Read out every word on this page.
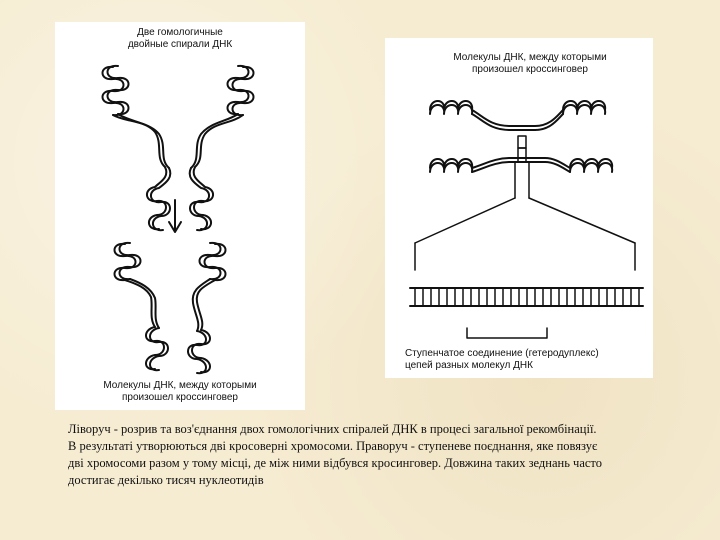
Две гомологичные
двойные спирали ДНК
Молекулы ДНК, между которыми
произошел кроссинговер
Молекулы ДНК, между которыми
произошел кроссинговер
Ступенчатое соединение (гетеродуплекс)
цепей разных молекул ДНК
Ліворуч - розрив та воз'єднання двох гомологічних спіралей ДНК в процесі загальної рекомбінації.
В результаті утворюються дві кросоверні хромосоми. Праворуч - ступеневе поєднання, яке повязує
дві хромосоми разом у тому місці, де між ними відбувся кросинговер. Довжина таких зеднань часто
достигає декілько тисяч нуклеотидів
